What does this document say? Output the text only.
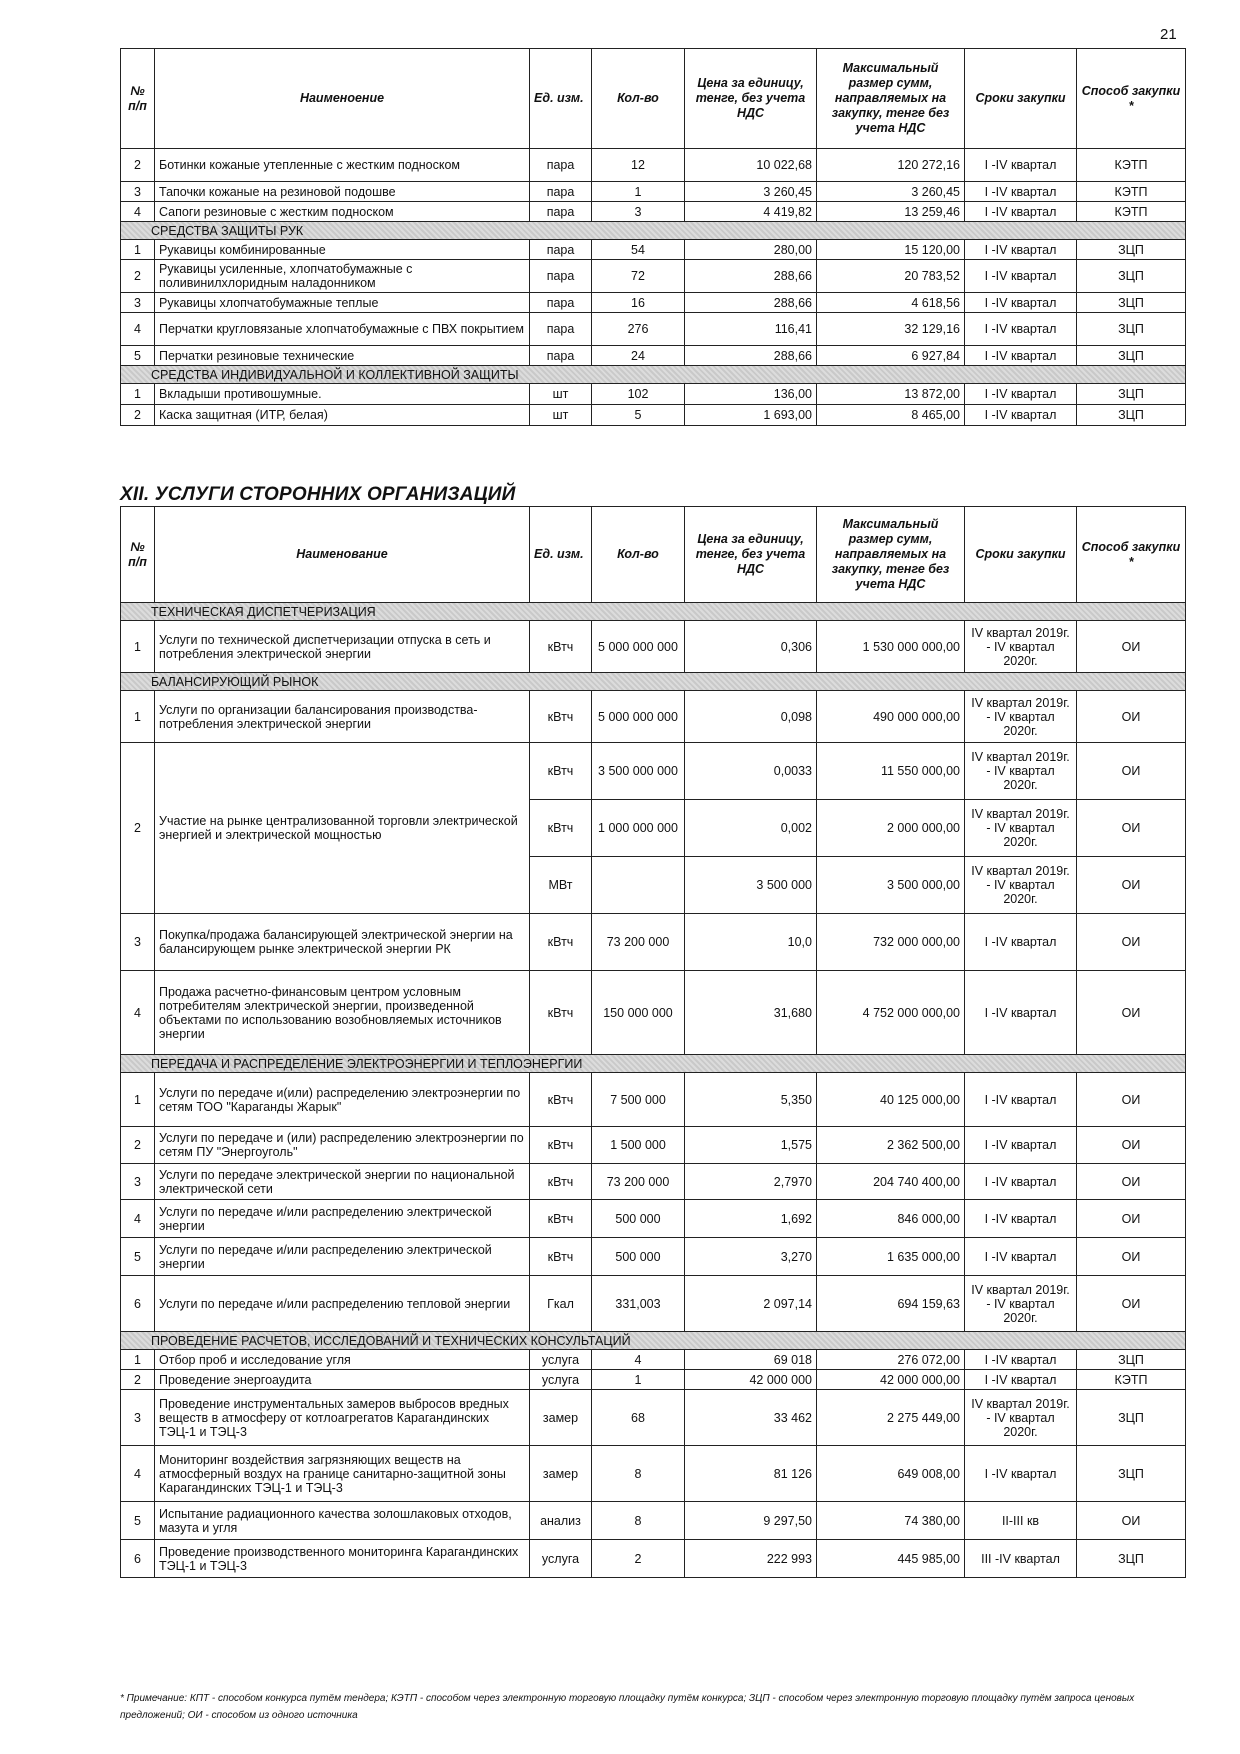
21
№ п/п	Наименоение	Ед. изм.	Кол-во	Цена за единицу, тенге, без учета НДС	Максимальный размер сумм, направляемых на закупку, тенге без учета НДС	Сроки закупки	Способ закупки *
2	Ботинки кожаные утепленные с жестким подноском	пара	12	10 022,68	120 272,16	I -IV квартал	КЭТП
3	Тапочки кожаные на резиновой подошве	пара	1	3 260,45	3 260,45	I -IV квартал	КЭТП
4	Сапоги резиновые с жестким подноском	пара	3	4 419,82	13 259,46	I -IV квартал	КЭТП
СРЕДСТВА ЗАЩИТЫ РУК							
1	Рукавицы комбинированные	пара	54	280,00	15 120,00	I -IV квартал	ЗЦП
2	Рукавицы усиленные, хлопчатобумажные с поливинилхлоридным наладонником	пара	72	288,66	20 783,52	I -IV квартал	ЗЦП
3	Рукавицы хлопчатобумажные теплые	пара	16	288,66	4 618,56	I -IV квартал	ЗЦП
4	Перчатки кругловязаные хлопчатобумажные с ПВХ покрытием	пара	276	116,41	32 129,16	I -IV квартал	ЗЦП
5	Перчатки резиновые технические	пара	24	288,66	6 927,84	I -IV квартал	ЗЦП
СРЕДСТВА ИНДИВИДУАЛЬНОЙ И КОЛЛЕКТИВНОЙ ЗАЩИТЫ							
1	Вкладыши противошумные.	шт	102	136,00	13 872,00	I -IV квартал	ЗЦП
2	Каска защитная (ИТР, белая)	шт	5	1 693,00	8 465,00	I -IV квартал	ЗЦП
XII. УСЛУГИ СТОРОННИХ ОРГАНИЗАЦИЙ
№ п/п	Наименование	Ед. изм.	Кол-во	Цена за единицу, тенге, без учета НДС	Максимальный размер сумм, направляемых на закупку, тенге без учета НДС	Сроки закупки	Способ закупки *
ТЕХНИЧЕСКАЯ ДИСПЕТЧЕРИЗАЦИЯ							
1	Услуги по технической диспетчеризации отпуска в сеть и потребления электрической энергии	кВтч	5 000 000 000	0,306	1 530 000 000,00	IV квартал 2019г. - IV квартал 2020г.	ОИ
БАЛАНСИРУЮЩИЙ РЫНОК							
1	Услуги по организации балансирования производства-потребления электрической энергии	кВтч	5 000 000 000	0,098	490 000 000,00	IV квартал 2019г. - IV квартал 2020г.	ОИ
2	Участие на рынке централизованной торговли электрической энергией и электрической мощностью	кВтч	3 500 000 000	0,0033	11 550 000,00	IV квартал 2019г. - IV квартал 2020г.	ОИ
		кВтч	1 000 000 000	0,002	2 000 000,00	IV квартал 2019г. - IV квартал 2020г.	ОИ
		МВт		3 500 000	3 500 000,00	IV квартал 2019г. - IV квартал 2020г.	ОИ
3	Покупка/продажа балансирующей электрической энергии на балансирующем рынке электрической энергии РК	кВтч	73 200 000	10,0	732 000 000,00	I -IV квартал	ОИ
4	Продажа расчетно-финансовым центром условным потребителям электрической энергии, произведенной объектами по использованию возобновляемых источников энергии	кВтч	150 000 000	31,680	4 752 000 000,00	I -IV квартал	ОИ
ПЕРЕДАЧА И РАСПРЕДЕЛЕНИЕ ЭЛЕКТРОЭНЕРГИИ И ТЕПЛОЭНЕРГИИ							
1	Услуги по передаче и(или) распределению электроэнергии по сетям ТОО "Караганды Жарык"	кВтч	7 500 000	5,350	40 125 000,00	I -IV квартал	ОИ
2	Услуги по передаче и (или) распределению электроэнергии по сетям ПУ "Энергоуголь"	кВтч	1 500 000	1,575	2 362 500,00	I -IV квартал	ОИ
3	Услуги по передаче электрической энергии по национальной электрической сети	кВтч	73 200 000	2,7970	204 740 400,00	I -IV квартал	ОИ
4	Услуги по передаче и/или распределению электрической энергии	кВтч	500 000	1,692	846 000,00	I -IV квартал	ОИ
5	Услуги по передаче и/или распределению электрической энергии	кВтч	500 000	3,270	1 635 000,00	I -IV квартал	ОИ
6	Услуги по передаче и/или распределению тепловой энергии	Гкал	331,003	2 097,14	694 159,63	IV квартал 2019г. - IV квартал 2020г.	ОИ
ПРОВЕДЕНИЕ РАСЧЕТОВ, ИССЛЕДОВАНИЙ И ТЕХНИЧЕСКИХ КОНСУЛЬТАЦИЙ							
1	Отбор проб и исследование угля	услуга	4	69 018	276 072,00	I -IV квартал	ЗЦП
2	Проведение энергоаудита	услуга	1	42 000 000	42 000 000,00	I -IV квартал	КЭТП
3	Проведение инструментальных замеров выбросов вредных веществ в атмосферу от котлоагрегатов Карагандинских ТЭЦ-1 и ТЭЦ-3	замер	68	33 462	2 275 449,00	IV квартал 2019г. - IV квартал 2020г.	ЗЦП
4	Мониторинг воздействия загрязняющих веществ на атмосферный воздух на границе санитарно-защитной зоны Карагандинских ТЭЦ-1 и ТЭЦ-3	замер	8	81 126	649 008,00	I -IV квартал	ЗЦП
5	Испытание радиационного качества золошлаковых отходов, мазута и угля	анализ	8	9 297,50	74 380,00	II-III кв	ОИ
6	Проведение производственного мониторинга Карагандинских ТЭЦ-1 и ТЭЦ-3	услуга	2	222 993	445 985,00	III -IV квартал	ЗЦП
* Примечание: КПТ - способом конкурса путём тендера; КЭТП - способом через электронную торговую площадку путём конкурса; ЗЦП - способом через электронную торговую площадку путём запроса ценовых предложений; ОИ - способом из одного источника
